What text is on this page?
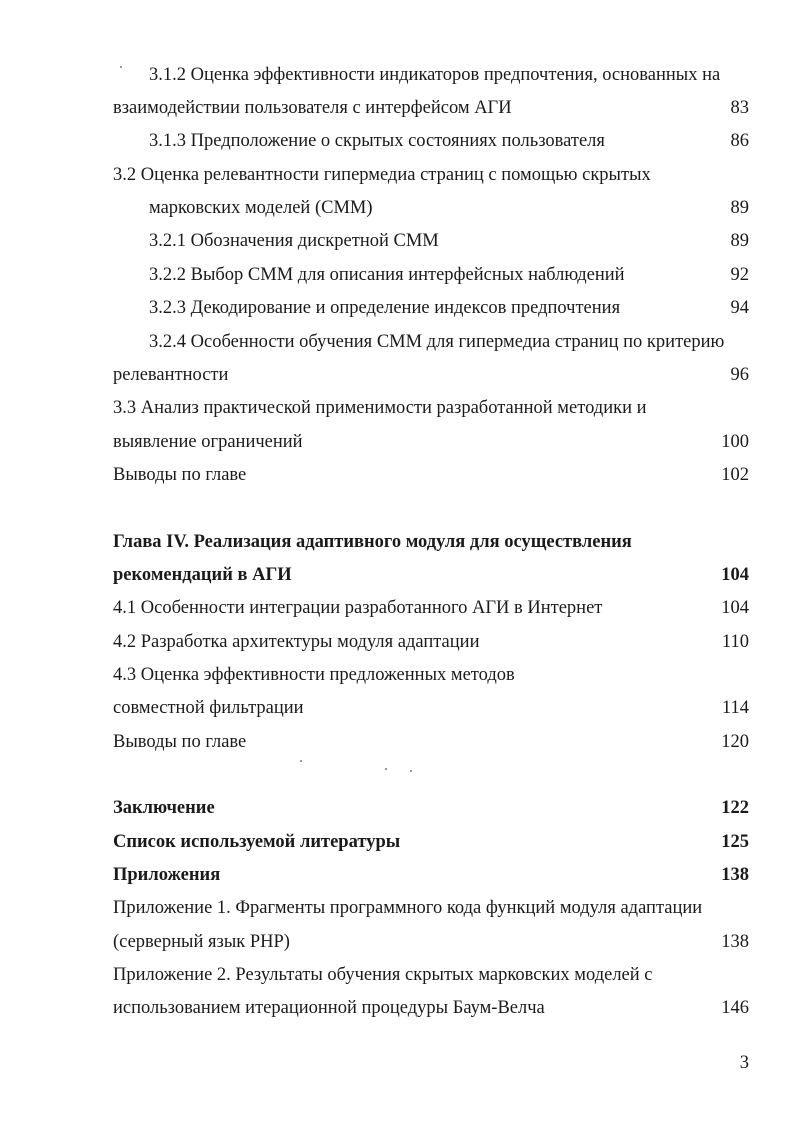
3.1.2 Оценка эффективности индикаторов предпочтения, основанных на
взаимодействии пользователя с интерфейсом АГИ	83
3.1.3 Предположение о скрытых состояниях пользователя	86
3.2 Оценка релевантности гипермедиа страниц с помощью скрытых
марковских моделей (СММ)	89
3.2.1 Обозначения дискретной СММ	89
3.2.2 Выбор СММ для описания интерфейсных наблюдений	92
3.2.3 Декодирование и определение индексов предпочтения	94
3.2.4 Особенности обучения СММ для гипермедиа страниц по критерию
релевантности	96
3.3 Анализ практической применимости разработанной методики и
выявление ограничений	100
Выводы по главе	102
Глава IV. Реализация адаптивного модуля для осуществления
рекомендаций в АГИ	104
4.1 Особенности интеграции разработанного АГИ в Интернет	104
4.2 Разработка архитектуры модуля адаптации	110
4.3 Оценка эффективности предложенных методов
совместной фильтрации	114
Выводы по главе	120
Заключение	122
Список используемой литературы	125
Приложения	138
Приложение 1. Фрагменты программного кода функций модуля адаптации
(серверный язык PHP)	138
Приложение 2. Результаты обучения скрытых марковских моделей с
использованием итерационной процедуры Баум-Велча	146
3
